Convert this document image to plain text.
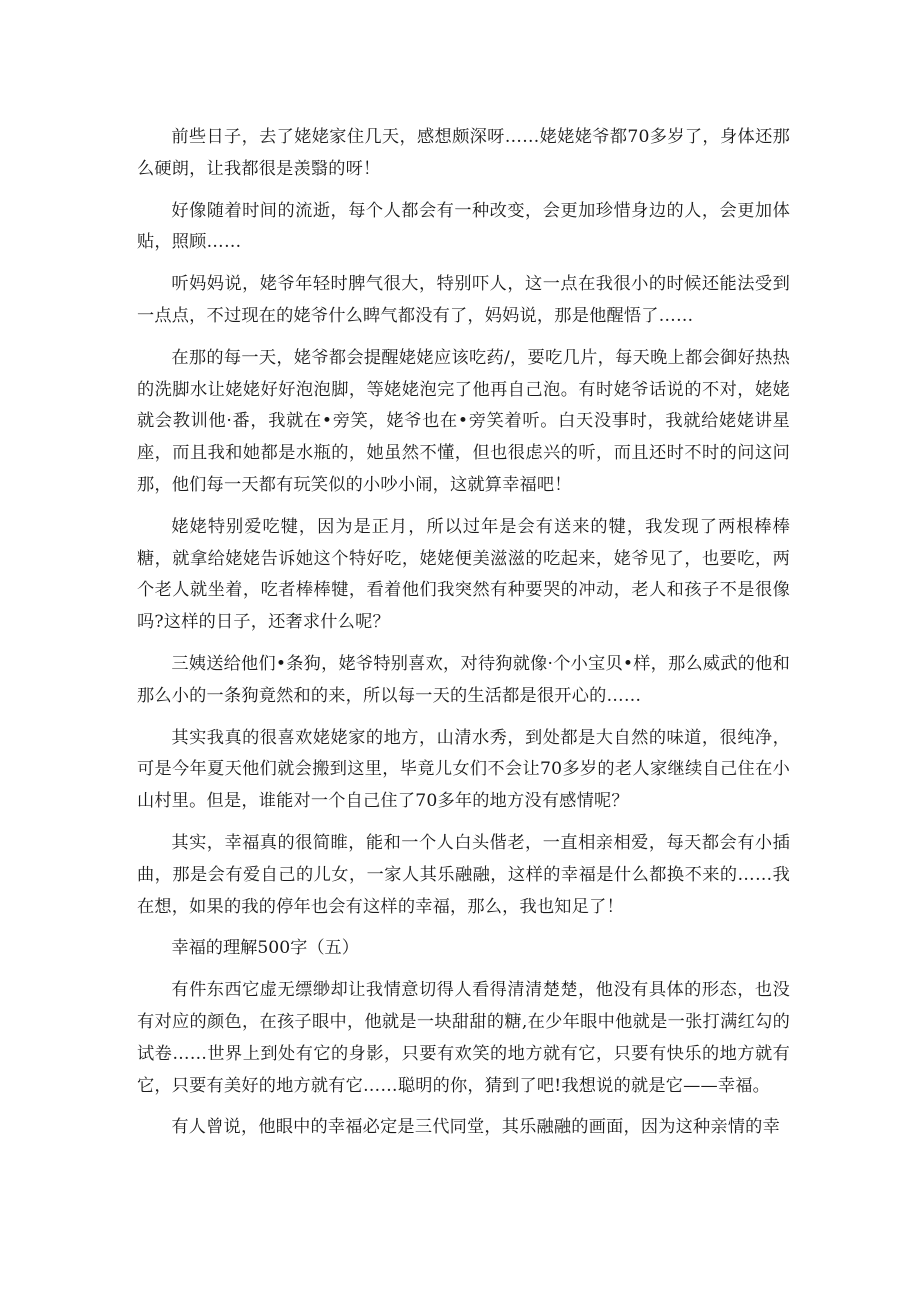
前些日子，去了姥姥家住几天，感想颇深呀……姥姥姥爷都70多岁了，身体还那么硬朗，让我都很是羡翳的呀！

好像随着时间的流逝，每个人都会有一种改变，会更加珍惜身边的人，会更加体贴，照顾……

听妈妈说，姥爷年轻时脾气很大，特别吓人，这一点在我很小的时候还能法受到一点点，不过现在的姥爷什么睥气都没有了，妈妈说，那是他醒悟了……

在那的每一天，姥爷都会提醒姥姥应该吃药/，要吃几片，每天晚上都会御好热热的洗脚水让姥姥好好泡泡脚，等姥姥泡完了他再自己泡。有时姥爷话说的不对，姥姥就会教训他·番，我就在•旁笑，姥爷也在•旁笑着听。白天没事时，我就给姥姥讲星座，而且我和她都是水瓶的，她虽然不懂，但也很虑兴的听，而且还时不时的问这问那，他们每一天都有玩笑似的小吵小闹，这就算幸福吧！

姥姥特别爱吃犍，因为是正月，所以过年是会有送来的犍，我发现了两根棒棒糖，就拿给姥姥告诉她这个特好吃，姥姥便美滋滋的吃起来，姥爷见了，也要吃，两个老人就坐着，吃者棒棒犍，看着他们我突然有种要哭的冲动，老人和孩子不是很像吗?这样的日子，还奢求什么呢？

三姨送给他们•条狗，姥爷特别喜欢，对待狗就像·个小宝贝•样，那么威武的他和那么小的一条狗竟然和的来，所以每一天的生活都是很开心的……

其实我真的很喜欢姥姥家的地方，山清水秀，到处都是大自然的味道，很纯净，可是今年夏天他们就会搬到这里，毕竟儿女们不会让70多岁的老人家继续自己住在小山村里。但是，谁能对一个自己住了70多年的地方没有感情呢？

其实，幸福真的很简睢，能和一个人白头偕老，一直相亲相爱，每天都会有小插曲，那是会有爱自己的儿女，一家人其乐融融，这样的幸福是什么都换不来的……我在想，如果的我的停年也会有这样的幸福，那么，我也知足了！

幸福的理解500字（五）

有件东西它虚无缥缈却让我情意切得人看得清清楚楚，他没有具体的形态，也没有对应的颜色，在孩子眼中，他就是一块甜甜的糖,在少年眼中他就是一张打满红勾的试卷……世界上到处有它的身影，只要有欢笑的地方就有它，只要有快乐的地方就有它，只要有美好的地方就有它……聪明的你，猜到了吧!我想说的就是它——幸福。

有人曾说，他眼中的幸福必定是三代同堂，其乐融融的画面，因为这种亲情的幸
